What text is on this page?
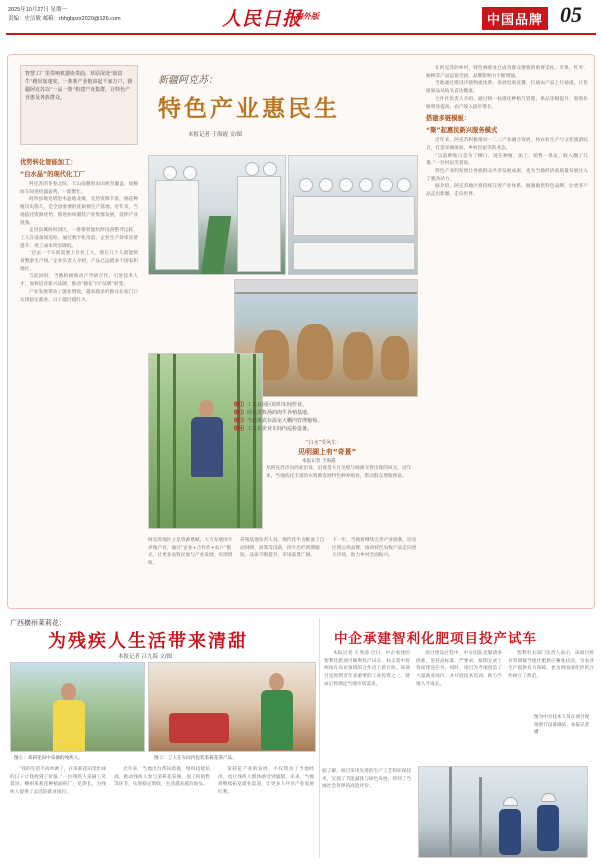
2025年10月27日 星期一
责编：史洁敏 邮箱：rbhgbpzx2020@126.com	人民日报
海外版	中国品牌 05
智慧工厂里奏响机器协奏曲，草原深处“致富牛”跑出加速度，一条条产业链串起千家万户，新疆阿克苏以“一品一策”构建产业集群，让特色产业惠及各族群众。
新疆阿克苏：
特色产业惠民生
本报记者 于海霞 文/图
优势转化智能加工：
“白水晶”的现代化工厂

阿克苏的冬春之际，天山南麓的农田被雪覆盖，而棉纺车间里机器轰鸣，一派繁忙。

阿拜县地处塔里木盆地北缘，光热资源丰富，棉花种植历史悠久，是全国重要的优质棉生产基地。近年来，当地依托资源优势，推进纺织服装产业集群发展，延伸产业链条。

走进县城纺织园区，一排排智能纺纱设备整齐运转，工人在设备间巡检。通过数字化改造，企业生产效率显著提升，用工成本明显降低。

“过去一个车间需要上百名工人，现在几个人就能照看整条生产线。”企业负责人介绍，产品已远销多个国家和地区。

与此同时，当地积极推动产学研合作，引进技术人才，加快培育新兴品牌，推动“棉花”向“品牌”转变。

产业发展带动了就业增收，越来越多的群众在家门口实现稳定就业，日子越过越红火。

图① 工人在园区纺织车间作业。
图② 阿克苏牧场的肉牛养殖基地。
图③ 当地果农在温室大棚内管理葡萄。
图④ 工人在企业车间内巡检设备。
“白水”受风生：
见明湖上有“奇景”
本报记者 于海霞
从阿克苏市向西北出发，沿途是大片戈壁与绿洲交替出现的风光。近年来，当地依托丰富的水资源发展特色种养殖业，带动群众增收致富。
阿克苏地区立足资源禀赋，大力发展肉牛养殖产业，通过“企业+合作社+农户”模式，让更多农牧民参与产业发展，实现增收。
养殖基地负责人说，现代化牛舍配备了自动饲喂、清粪等设备，肉牛出栏周期缩短，品质不断提升，市场前景广阔。
下一步，当地将继续完善产业链条，培育区域公用品牌，推动特色农牧产品走向更大市场，助力乡村全面振兴。

在阿克苏的乡村，特色林果业已成为群众增收的重要支柱。苹果、红枣、核桃等产品远销全国，品牌影响力不断增强。

当地通过建设冷链物流体系、发展电商直播，打通农产品上行通道，让优质果品从枝头直达餐桌。

合作社负责人介绍，通过统一标准化种植与管理，果品等级提升，收购价格明显提高，农户收入稳步增长。

搭建多链模板：
“聚”起惠民新兴服务模式

近年来，阿克苏积极推动一二三产业融合发展，将农业生产与文化旅游结合，打造采摘体验、乡村民宿等新业态。

“以前种地只是为了糊口，现在种植、加工、销售一条龙，收入翻了几番。”一位村民笑着说。

特色产业的发展让各族群众共享发展成果，也为当地经济高质量发展注入了强劲动力。

据介绍，阿克苏地区将持续完善产业体系，做强做优特色品牌，让更多产品走出新疆、走向世界。

广西横州莱莉花：
为残疾人生活带来清甜
本报记者 吕九海 文/图
图①：茉莉花田中采摘的残疾人。	图②：工人在车间内包装茉莉花茶产品。

“我的生活不再单调了，在茉莉花田里忙碌的日子让我找到了价值。”一位残疾人采摘工笑着说。横州茉莉花种植面积广，花期长，为残疾人提供了灵活的就业岗位。

近年来，当地出台帮扶措施，组织技能培训，推动残疾人参与茉莉花采摘、加工和销售等环节，实现稳定增收，生活越来越有盼头。

茉莉花产业的发展，不仅带动了当地经济，也让残疾人群体感受到温暖。未来，当地将继续拓宽就业渠道，让更多人共享产业发展红利。

中企承建智利化肥项目投产试车

本报记者 王秀清 近日，中企承建的智利化肥项目顺利投产试车，标志着中智两国在农业领域的合作迈上新台阶。该项目是智利近年来重要的工业投资之一，建成后将满足当地市场需求。

项目建设过程中，中方团队克服诸多困难，坚持高标准、严要求，按期完成了各项建设任务。同时，项目为当地创造了大量就业岗位，并开展技术培训，助力当地人才成长。

智利有关部门负责人表示，该项目将有效缓解当地化肥供应紧张状况，为农业生产提供有力保障，也为两国深化经贸合作树立了典范。

据了解，项目采用先进的生产工艺和环保技术，实现了节能减排与绿色发展，得到了当地社会各界的高度评价。

图为中方技术人员在项目现场进行设备调试。本报记者 摄
